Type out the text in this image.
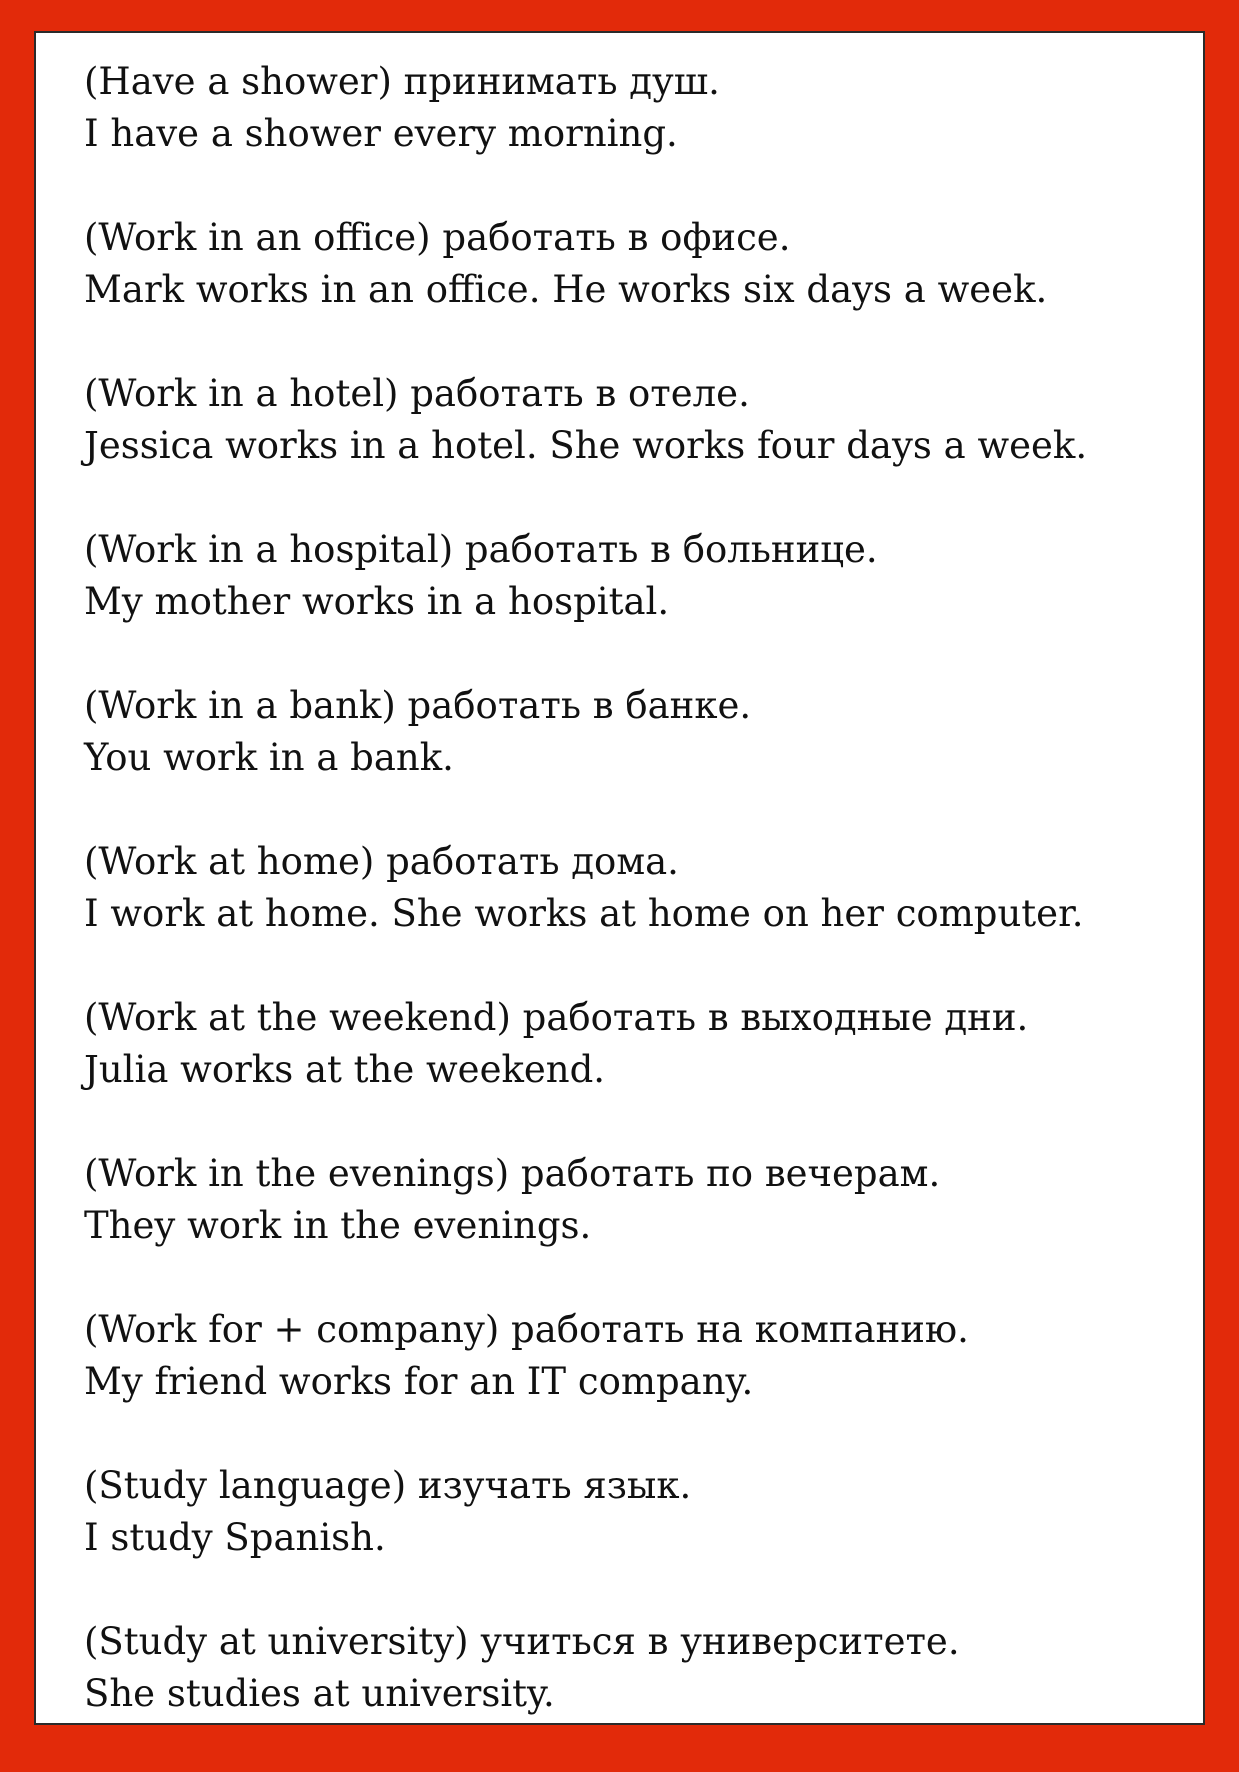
(Have a shower) принимать душ.

I have a shower every morning.

(Work in an office) работать в офисе.

Mark works in an office. He works six days a week.

(Work in a hotel) работать в отеле.

Jessica works in a hotel. She works four days a week.

(Work in a hospital) работать в больнице.

My mother works in a hospital.

(Work in a bank) работать в банке.

You work in a bank.

(Work at home) работать дома.

I work at home. She works at home on her computer.

(Work at the weekend) работать в выходные дни.

Julia works at the weekend.

(Work in the evenings) работать по вечерам.

They work in the evenings.

(Work for + company) работать на компанию.

My friend works for an IT company.

(Study language) изучать язык.

I study Spanish.

(Study at university) учиться в университете.

She studies at university.
